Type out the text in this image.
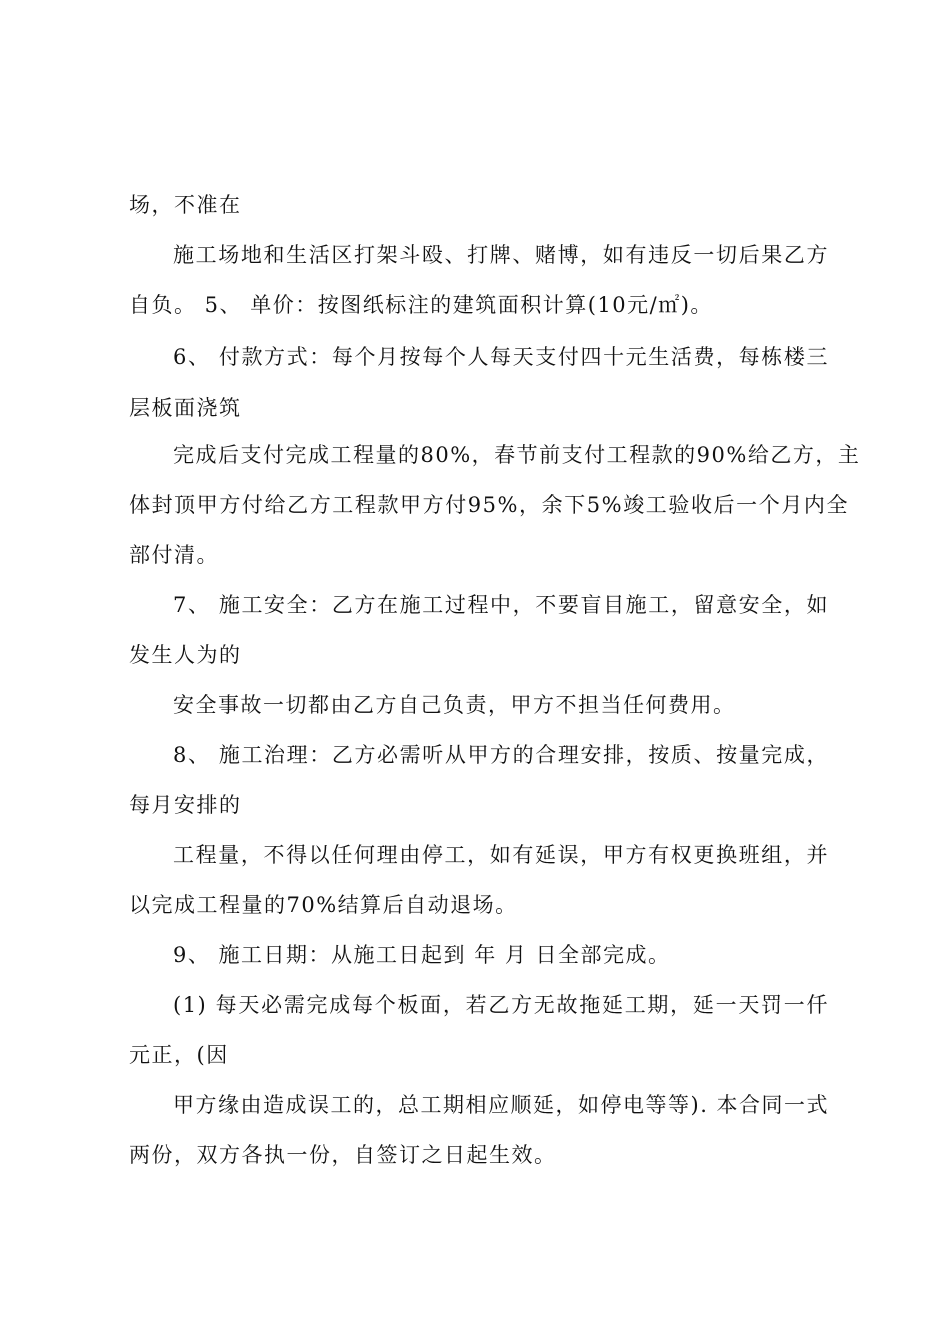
场，不准在
施工场地和生活区打架斗殴、打牌、赌博，如有违反一切后果乙方
自负。 5、 单价：按图纸标注的建筑面积计算(10元/㎡)。
6、 付款方式：每个月按每个人每天支付四十元生活费，每栋楼三
层板面浇筑
完成后支付完成工程量的80%，春节前支付工程款的90%给乙方，主
体封顶甲方付给乙方工程款甲方付95%，余下5%竣工验收后一个月内全
部付清。
7、 施工安全：乙方在施工过程中，不要盲目施工，留意安全，如
发生人为的
安全事故一切都由乙方自己负责，甲方不担当任何费用。
8、 施工治理：乙方必需听从甲方的合理安排，按质、按量完成，
每月安排的
工程量，不得以任何理由停工，如有延误，甲方有权更换班组，并
以完成工程量的70%结算后自动退场。
9、 施工日期：从施工日起到 年 月 日全部完成。
(1) 每天必需完成每个板面，若乙方无故拖延工期，延一天罚一仟
元正，(因
甲方缘由造成误工的，总工期相应顺延，如停电等等). 本合同一式
两份，双方各执一份，自签订之日起生效。
